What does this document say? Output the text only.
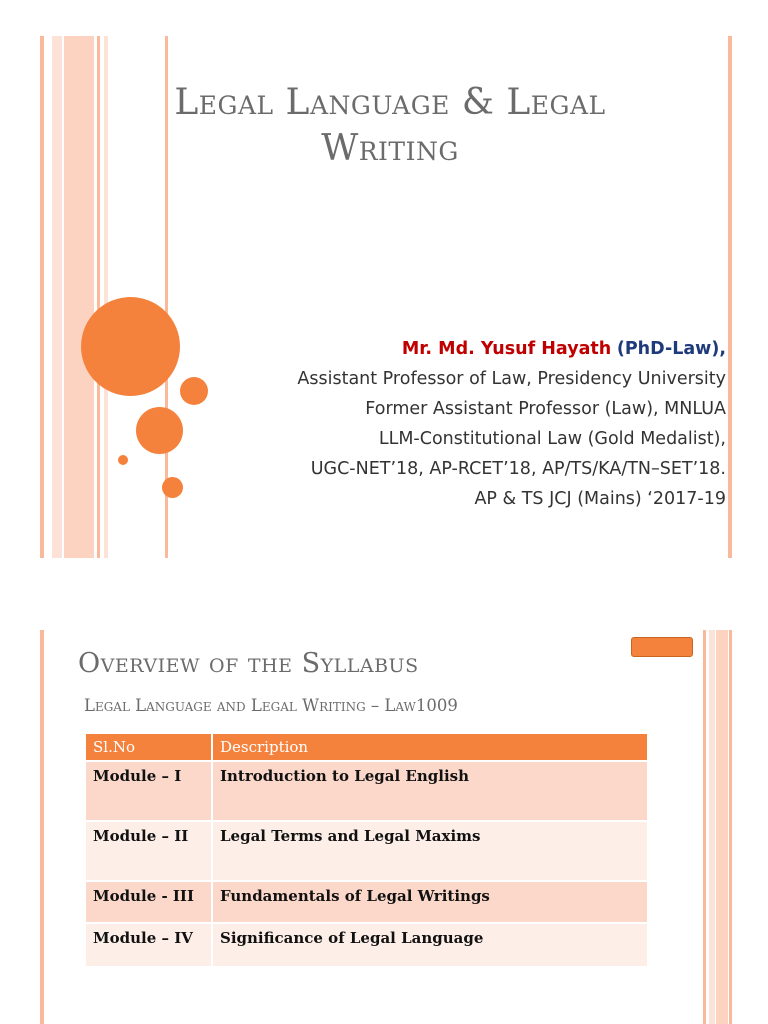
Legal Language & Legal
Writing
Mr. Md. Yusuf Hayath (PhD-Law),
Assistant Professor of Law, Presidency University
Former Assistant Professor (Law), MNLUA
LLM-Constitutional Law (Gold Medalist),
UGC-NET’18, AP-RCET’18, AP/TS/KA/TN–SET’18.
AP & TS JCJ (Mains) ‘2017-19
Overview of the Syllabus
Legal Language and Legal Writing – Law1009
Sl.No	Description
Module – I	Introduction to Legal English
Module – II	Legal Terms and Legal Maxims
Module - III	Fundamentals of Legal Writings
Module – IV	Significance of Legal Language
